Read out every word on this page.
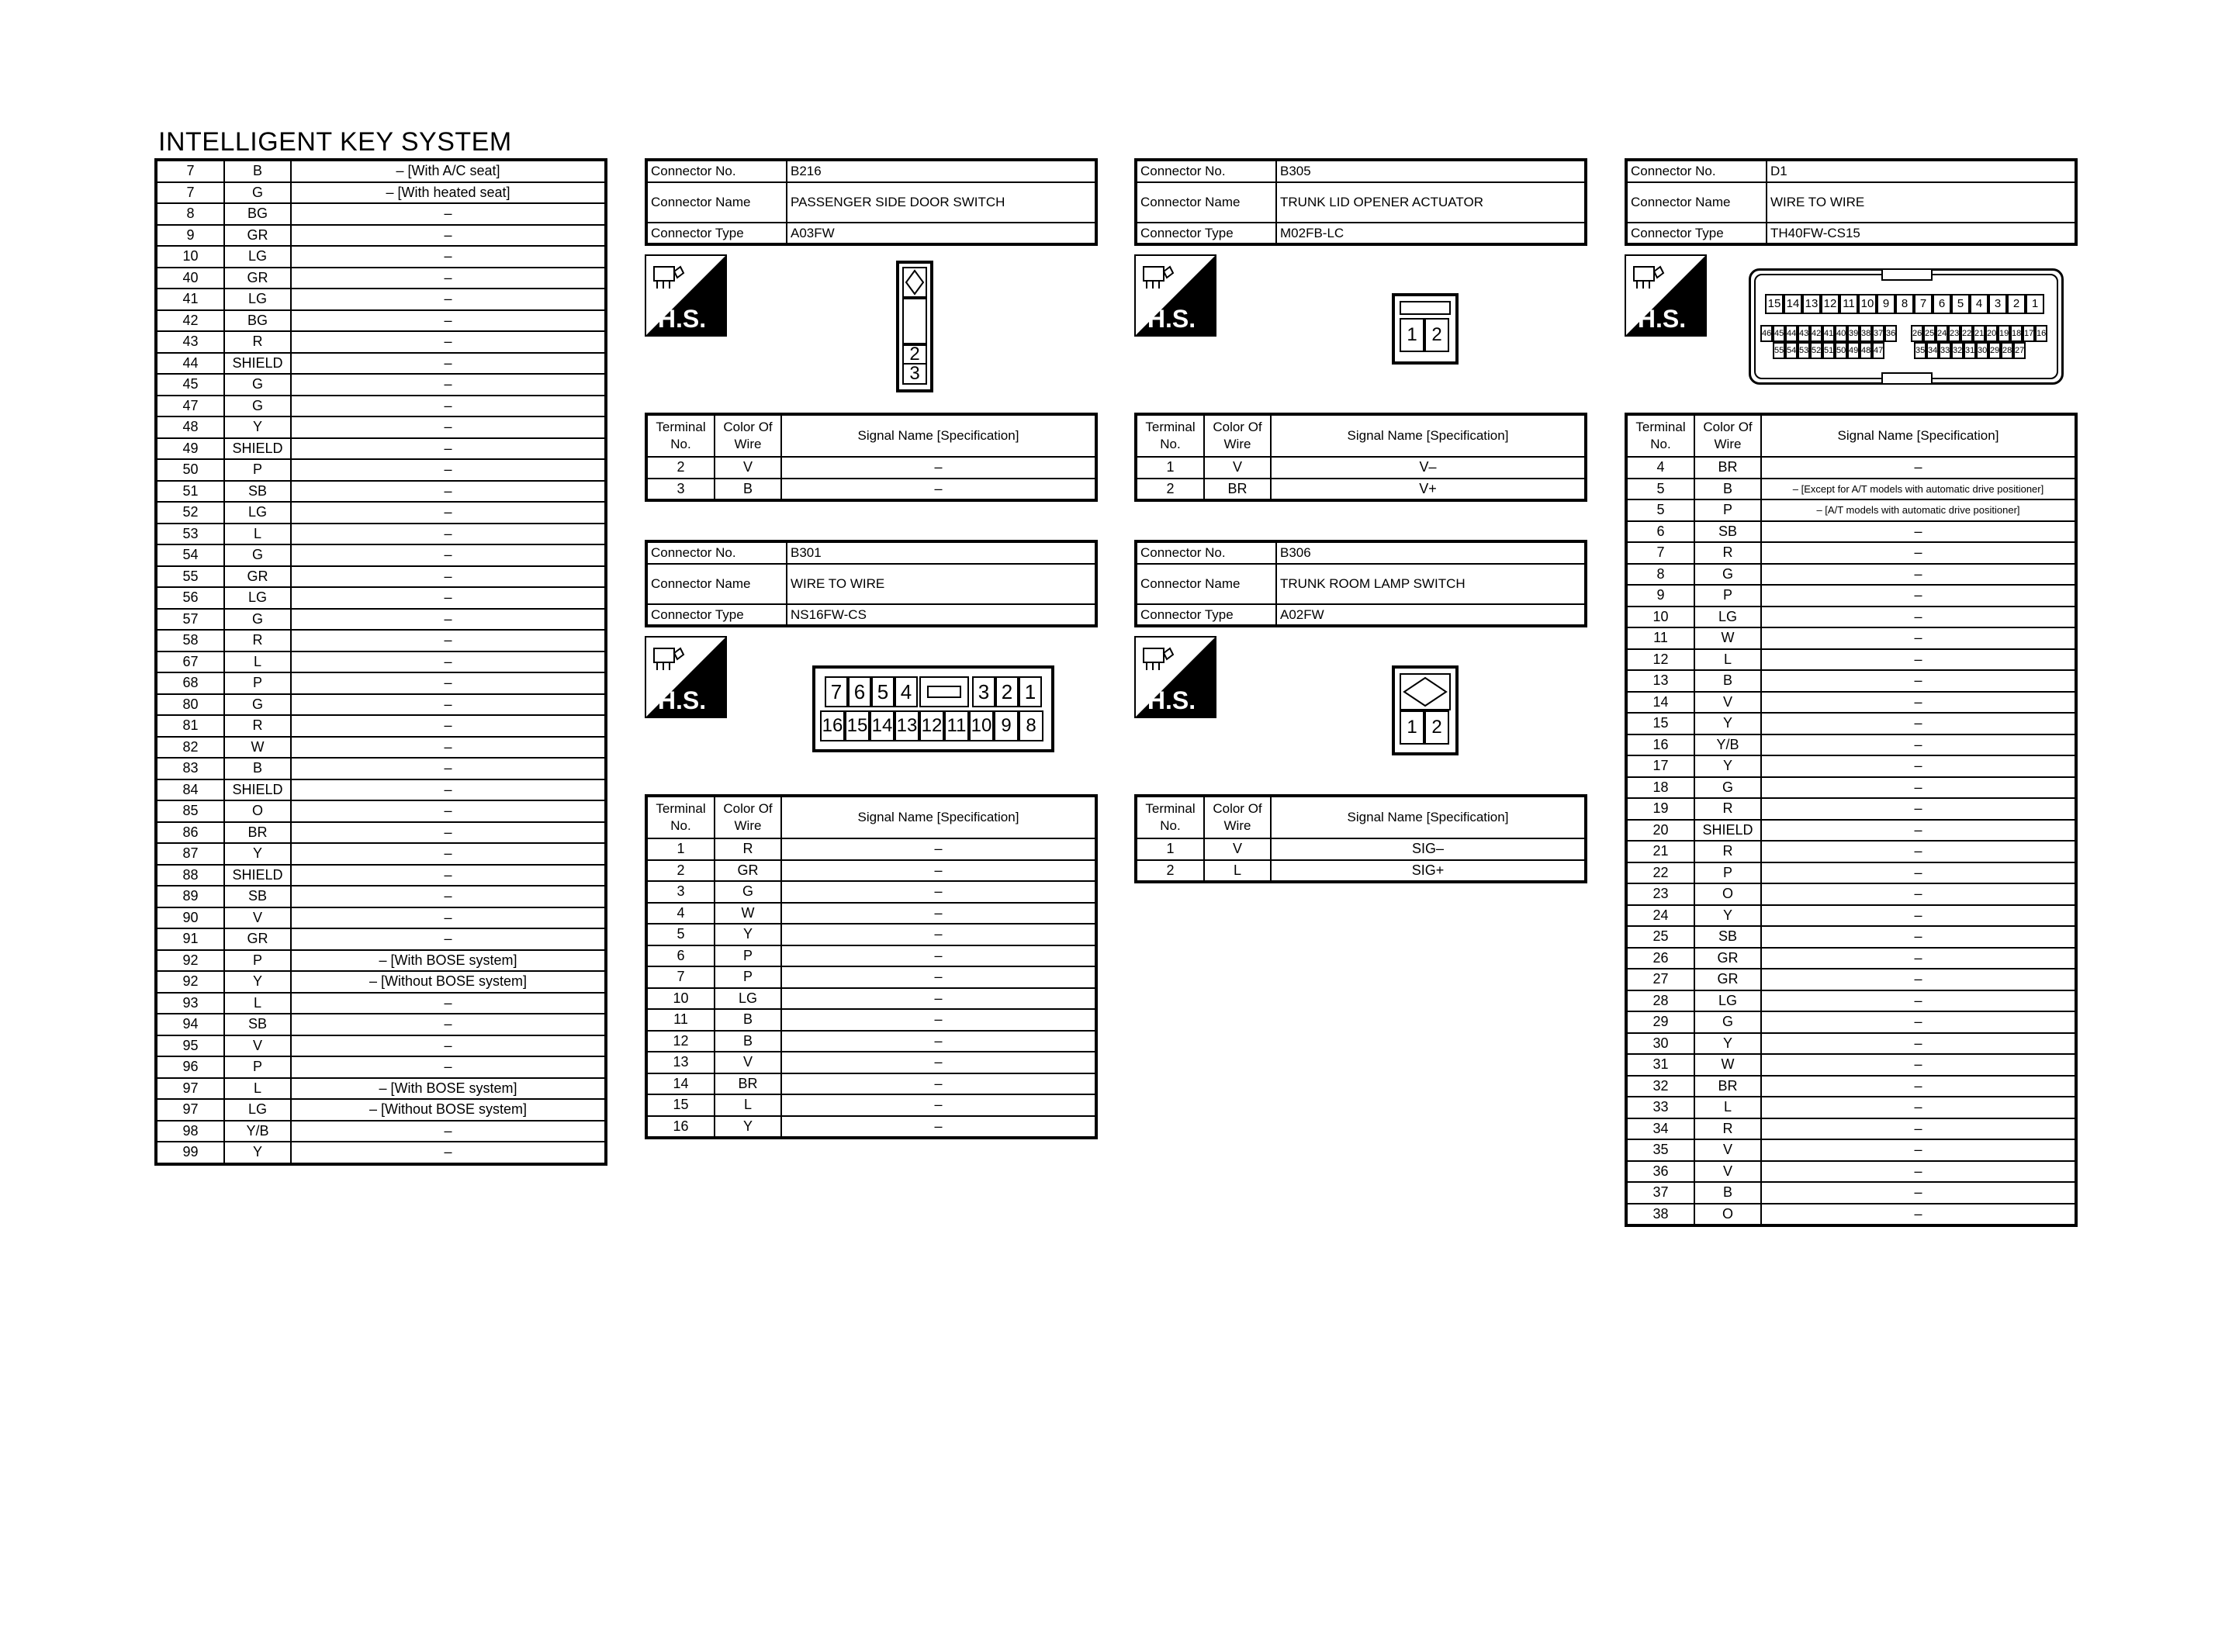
INTELLIGENT KEY SYSTEM
7	B	– [With A/C seat]
7	G	– [With heated seat]
8	BG	–
9	GR	–
10	LG	–
40	GR	–
41	LG	–
42	BG	–
43	R	–
44	SHIELD	–
45	G	–
47	G	–
48	Y	–
49	SHIELD	–
50	P	–
51	SB	–
52	LG	–
53	L	–
54	G	–
55	GR	–
56	LG	–
57	G	–
58	R	–
67	L	–
68	P	–
80	G	–
81	R	–
82	W	–
83	B	–
84	SHIELD	–
85	O	–
86	BR	–
87	Y	–
88	SHIELD	–
89	SB	–
90	V	–
91	GR	–
92	P	– [With BOSE system]
92	Y	– [Without BOSE system]
93	L	–
94	SB	–
95	V	–
96	P	–
97	L	– [With BOSE system]
97	LG	– [Without BOSE system]
98	Y/B	–
99	Y	–
Connector No.	B216
Connector Name	PASSENGER SIDE DOOR SWITCH
Connector Type	A03FW
H.S.
2
3
Terminal No.	Color Of Wire	Signal Name [Specification]
2	V	–
3	B	–
Connector No.	B305
Connector Name	TRUNK LID OPENER ACTUATOR
Connector Type	M02FB-LC
H.S.
1 2
Terminal No.	Color Of Wire	Signal Name [Specification]
1	V	V–
2	BR	V+
Connector No.	B301
Connector Name	WIRE TO WIRE
Connector Type	NS16FW-CS
H.S.	7 6 5 4	3 2 1
16 15 14 13 12 11 10 9 8
Terminal No.	Color Of Wire	Signal Name [Specification]
1	R	–
2	GR	–
3	G	–
4	W	–
5	Y	–
6	P	–
7	P	–
10	LG	–
11	B	–
12	B	–
13	V	–
14	BR	–
15	L	–
16	Y	–
Connector No.	B306
Connector Name	TRUNK ROOM LAMP SWITCH
Connector Type	A02FW
H.S.
1 2
Terminal No.	Color Of Wire	Signal Name [Specification]
1	V	SIG–
2	L	SIG+
Connector No.	D1
Connector Name	WIRE TO WIRE
Connector Type	TH40FW-CS15
H.S.
15 14 13 12 11 10 9	8	7	6	5	4	3	2	1
46 45 44 43 42 41 40 39 38 37 36 26 25 24 23 22 21 20 19 18 17 16
55 54 53 52 51 50 49 48 47	35 34 33 32 31 30 29 28 27
Terminal No.	Color Of Wire	Signal Name [Specification]
4	BR	–
5	B	– [Except for A/T models with automatic drive positioner]
5	P	– [A/T models with automatic drive positioner]
6	SB	–
7	R	–
8	G	–
9	P	–
10	LG	–
11	W	–
12	L	–
13	B	–
14	V	–
15	Y	–
16	Y/B	–
17	Y	–
18	G	–
19	R	–
20	SHIELD	–
21	R	–
22	P	–
23	O	–
24	Y	–
25	SB	–
26	GR	–
27	GR	–
28	LG	–
29	G	–
30	Y	–
31	W	–
32	BR	–
33	L	–
34	R	–
35	V	–
36	V	–
37	B	–
38	O	–
